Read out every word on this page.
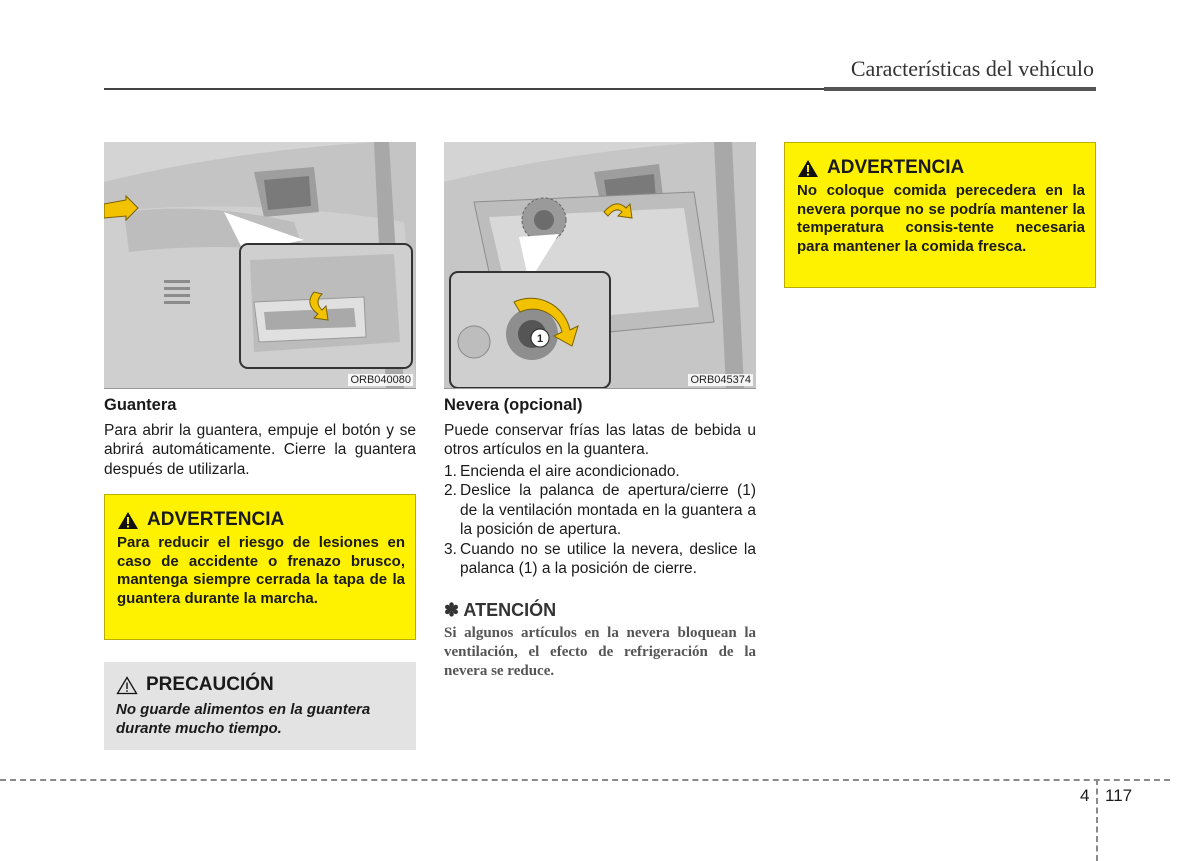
Características del vehículo
ORB040080
1
ORB045374
Guantera

Para abrir la guantera, empuje el botón y se abrirá automáticamente. Cierre la guantera después de utilizarla.

ADVERTENCIA
Para reducir el riesgo de lesiones en caso de accidente o frenazo brusco, mantenga siempre cerrada la tapa de la guantera durante la marcha.
PRECAUCIÓN
No guarde alimentos en la guantera durante mucho tiempo.
Nevera (opcional)

Puede conservar frías las latas de bebida u otros artículos en la guantera.

1. Encienda el aire acondicionado.
2. Deslice la palanca de apertura/cierre (1) de la ventilación montada en la guantera a la posición de apertura.
3. Cuando no se utilice la nevera, deslice la palanca (1) a la posición de cierre.
✽ ATENCIÓN
Si algunos artículos en la nevera bloquean la ventilación, el efecto de refrigeración de la nevera se reduce.
ADVERTENCIA
No coloque comida perecedera en la nevera porque no se podría mantener la temperatura consis-tente necesaria para mantener la comida fresca.
4 117
